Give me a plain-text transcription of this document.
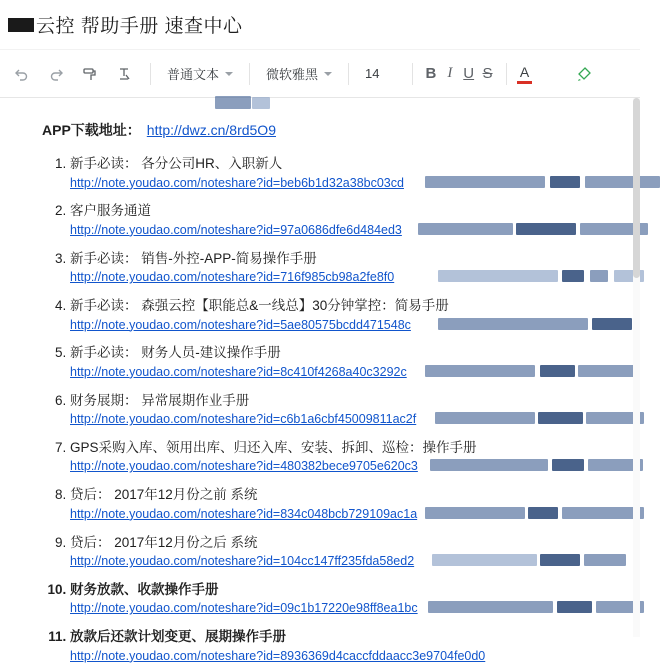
云控 帮助手册 速查中心
普通文本	微软雅黑	14	B I U S A
APP下载地址： http://dwz.cn/8rd5O9
1. 新手必读： 各分公司HR、入职新人
http://note.youdao.com/noteshare?id=beb6b1d32a38bc03cd
2. 客户服务通道
http://note.youdao.com/noteshare?id=97a0686dfe6d484ed3
3. 新手必读： 销售-外控-APP-简易操作手册
http://note.youdao.com/noteshare?id=716f985cb98a2fe8f0
4. 新手必读： 森强云控【职能总&一线总】30分钟掌控：简易手册
http://note.youdao.com/noteshare?id=5ae80575bcdd471548c
5. 新手必读： 财务人员-建议操作手册
http://note.youdao.com/noteshare?id=8c410f4268a40c3292c
6. 财务展期： 异常展期作业手册
http://note.youdao.com/noteshare?id=c6b1a6cbf45009811ac2f
7. GPS采购入库、领用出库、归还入库、安装、拆卸、巡检：操作手册
http://note.youdao.com/noteshare?id=480382bece9705e620c3
8. 贷后： 2017年12月份之前 系统
http://note.youdao.com/noteshare?id=834c048bcb729109ac1a
9. 贷后： 2017年12月份之后 系统
http://note.youdao.com/noteshare?id=104cc147ff235fda58ed2
10. 财务放款、收款操作手册
http://note.youdao.com/noteshare?id=09c1b17220e98ff8ea1bc
11. 放款后还款计划变更、展期操作手册
http://note.youdao.com/noteshare?id=8936369d4caccfddaacc3e9704fe0d0
